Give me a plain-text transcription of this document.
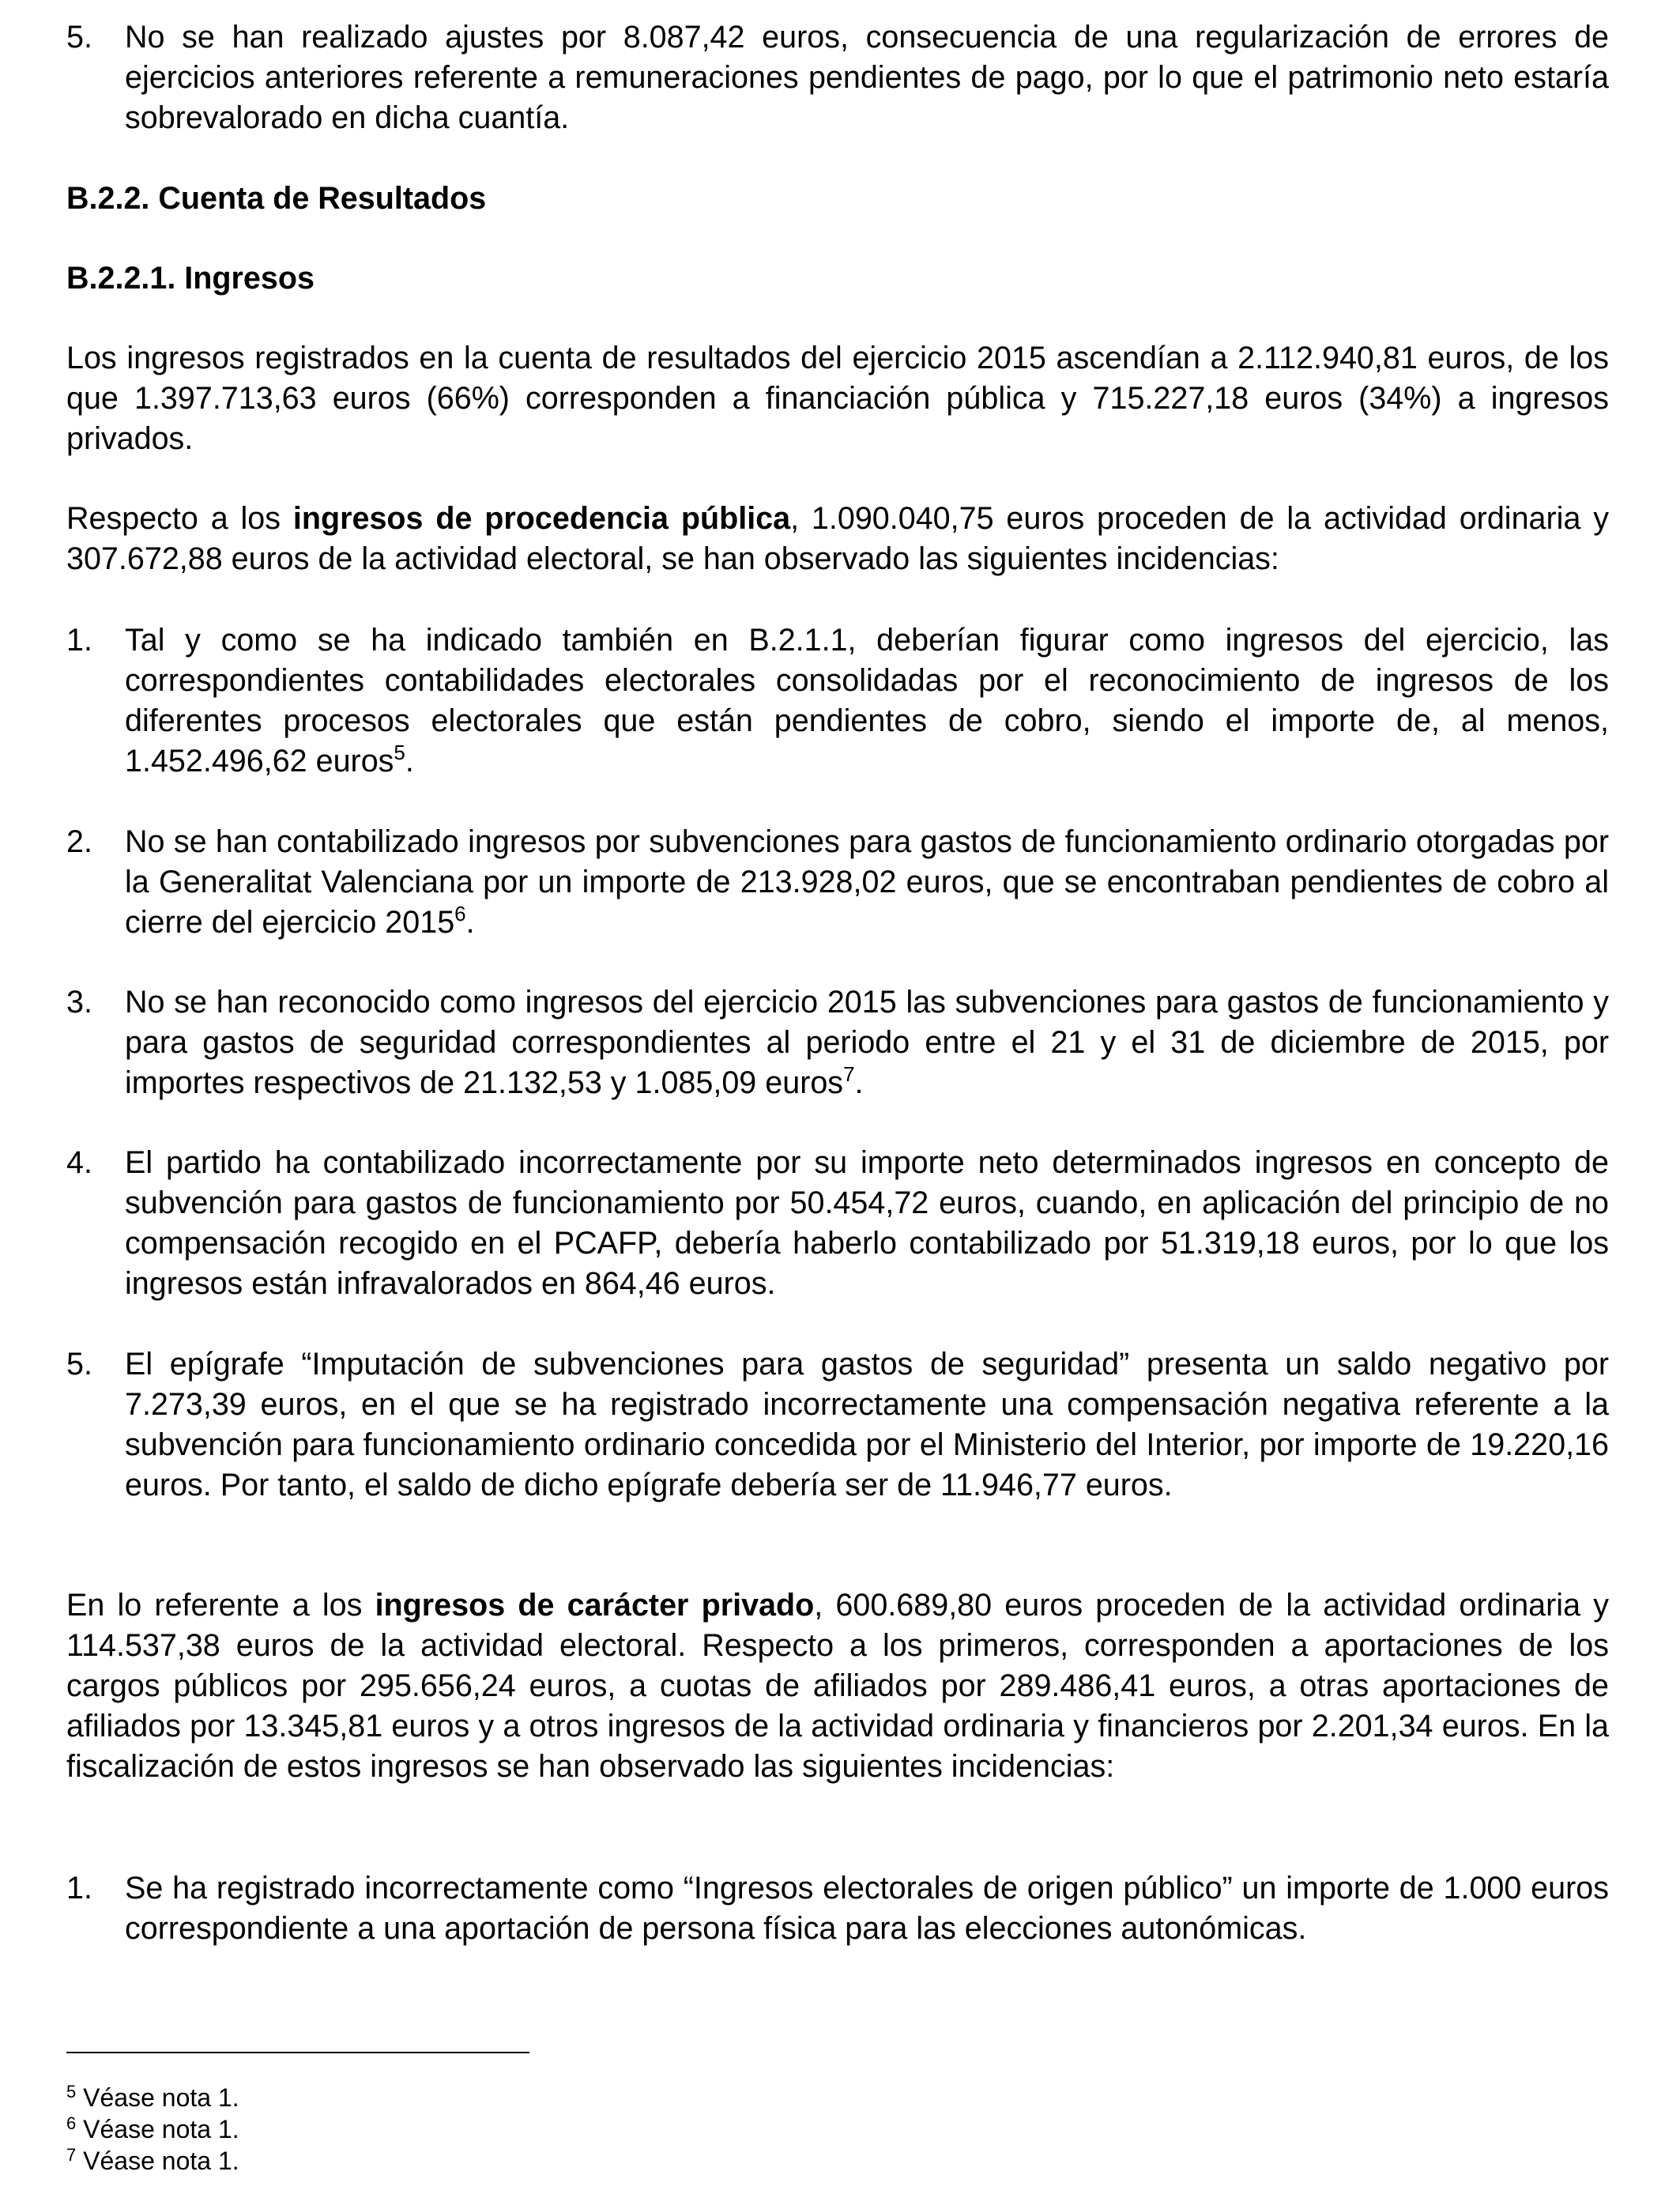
5.	No se han realizado ajustes por 8.087,42 euros, consecuencia de una regularización de errores de ejercicios anteriores referente a remuneraciones pendientes de pago, por lo que el patrimonio neto estaría sobrevalorado en dicha cuantía.
B.2.2. Cuenta de Resultados
B.2.2.1. Ingresos
Los ingresos registrados en la cuenta de resultados del ejercicio 2015 ascendían a 2.112.940,81 euros, de los que 1.397.713,63 euros (66%) corresponden a financiación pública y 715.227,18 euros (34%) a ingresos privados.
Respecto a los ingresos de procedencia pública, 1.090.040,75 euros proceden de la actividad ordinaria y 307.672,88 euros de la actividad electoral, se han observado las siguientes incidencias:
1.	Tal y como se ha indicado también en B.2.1.1, deberían figurar como ingresos del ejercicio, las correspondientes contabilidades electorales consolidadas por el reconocimiento de ingresos de los diferentes procesos electorales que están pendientes de cobro, siendo el importe de, al menos, 1.452.496,62 euros$^5$.
2.	No se han contabilizado ingresos por subvenciones para gastos de funcionamiento ordinario otorgadas por la Generalitat Valenciana por un importe de 213.928,02 euros, que se encontraban pendientes de cobro al cierre del ejercicio 2015$^6$.
3.	No se han reconocido como ingresos del ejercicio 2015 las subvenciones para gastos de funcionamiento y para gastos de seguridad correspondientes al periodo entre el 21 y el 31 de diciembre de 2015, por importes respectivos de 21.132,53 y 1.085,09 euros$^7$.
4.	El partido ha contabilizado incorrectamente por su importe neto determinados ingresos en concepto de subvención para gastos de funcionamiento por 50.454,72 euros, cuando, en aplicación del principio de no compensación recogido en el PCAFP, debería haberlo contabilizado por 51.319,18 euros, por lo que los ingresos están infravalorados en 864,46 euros.
5.	El epígrafe “Imputación de subvenciones para gastos de seguridad” presenta un saldo negativo por 7.273,39 euros, en el que se ha registrado incorrectamente una compensación negativa referente a la subvención para funcionamiento ordinario concedida por el Ministerio del Interior, por importe de 19.220,16 euros. Por tanto, el saldo de dicho epígrafe debería ser de 11.946,77 euros.
En lo referente a los ingresos de carácter privado, 600.689,80 euros proceden de la actividad ordinaria y 114.537,38 euros de la actividad electoral. Respecto a los primeros, corresponden a aportaciones de los cargos públicos por 295.656,24 euros, a cuotas de afiliados por 289.486,41 euros, a otras aportaciones de afiliados por 13.345,81 euros y a otros ingresos de la actividad ordinaria y financieros por 2.201,34 euros. En la fiscalización de estos ingresos se han observado las siguientes incidencias:
1.	Se ha registrado incorrectamente como “Ingresos electorales de origen público” un importe de 1.000 euros correspondiente a una aportación de persona física para las elecciones autonómicas.
$^5$ Véase nota 1.
$^6$ Véase nota 1.
$^7$ Véase nota 1.
